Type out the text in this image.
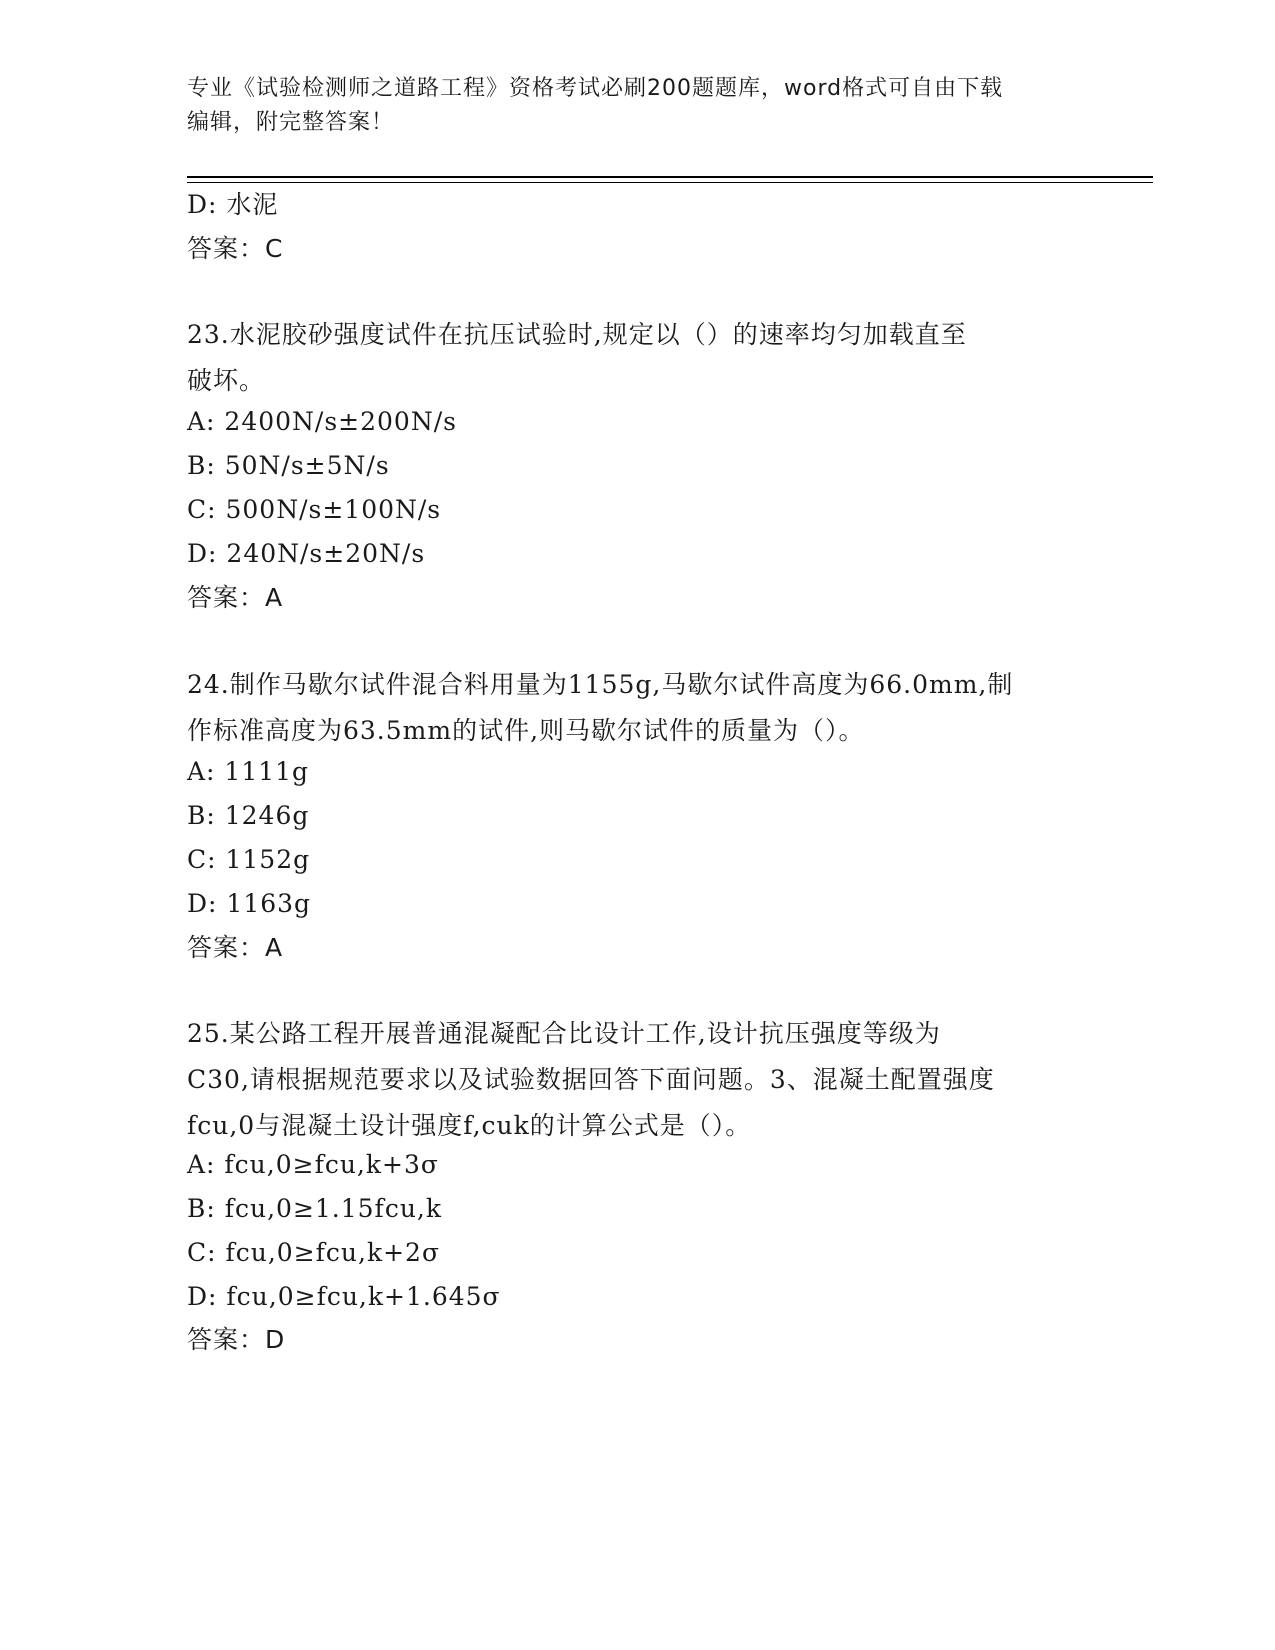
专业《试验检测师之道路工程》资格考试必刷200题题库，word格式可自由下载
编辑，附完整答案！
D: 水泥
答案：C
23.水泥胶砂强度试件在抗压试验时,规定以（）的速率均匀加载直至
破坏。
A: 2400N/s±200N/s
B: 50N/s±5N/s
C: 500N/s±100N/s
D: 240N/s±20N/s
答案：A
24.制作马歇尔试件混合料用量为1155g,马歇尔试件高度为66.0mm,制
作标准高度为63.5mm的试件,则马歇尔试件的质量为（）。
A: 1111g
B: 1246g
C: 1152g
D: 1163g
答案：A
25.某公路工程开展普通混凝配合比设计工作,设计抗压强度等级为
C30,请根据规范要求以及试验数据回答下面问题。3、混凝土配置强度
fcu,0与混凝土设计强度f,cuk的计算公式是（）。
A: fcu,0≥fcu,k+3σ
B: fcu,0≥1.15fcu,k
C: fcu,0≥fcu,k+2σ
D: fcu,0≥fcu,k+1.645σ
答案：D
